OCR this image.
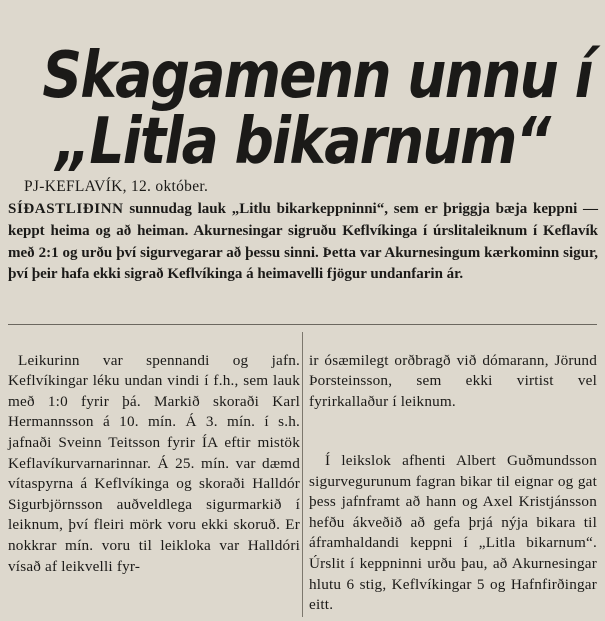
Skagamenn unnu í
„Litla bikarnum“
PJ-KEFLAVÍK, 12. október.
SÍÐASTLIÐINN sunnudag lauk „Litlu bikarkeppninni“, sem er þriggja bæja keppni — keppt heima og að heiman. Akurnesingar sigruðu Keflvíkinga í úrslitaleiknum í Keflavík með 2:1 og urðu því sigurvegarar að þessu sinni. Þetta var Akurnesingum kærkominn sigur, því þeir hafa ekki sigrað Keflvíkinga á heimavelli fjögur undanfarin ár.

Leikurinn var spennandi og jafn. Keflvíkingar léku undan vindi í f.h., sem lauk með 1:0 fyrir þá. Markið skoraði Karl Hermannsson á 10. mín. Á 3. mín. í s.h. jafnaði Sveinn Teitsson fyrir ÍA eftir mistök Keflavíkurvarnarinnar. Á 25. mín. var dæmd vítaspyrna á Keflvíkinga og skoraði Halldór Sigurbjörnsson auðveldlega sigurmarkið í leiknum, því fleiri mörk voru ekki skoruð. Er nokkrar mín. voru til leikloka var Halldóri vísað af leikvelli fyr-

ir ósæmilegt orðbragð við dómarann, Jörund Þorsteinsson, sem ekki virtist vel fyrirkallaður í leiknum.

Í leikslok afhenti Albert Guðmundsson sigurvegurunum fagran bikar til eignar og gat þess jafnframt að hann og Axel Kristjánsson hefðu ákveðið að gefa þrjá nýja bikara til áframhaldandi keppni í „Litla bikarnum“. Úrslit í keppninni urðu þau, að Akurnesingar hlutu 6 stig, Keflvíkingar 5 og Hafnfirðingar eitt.
